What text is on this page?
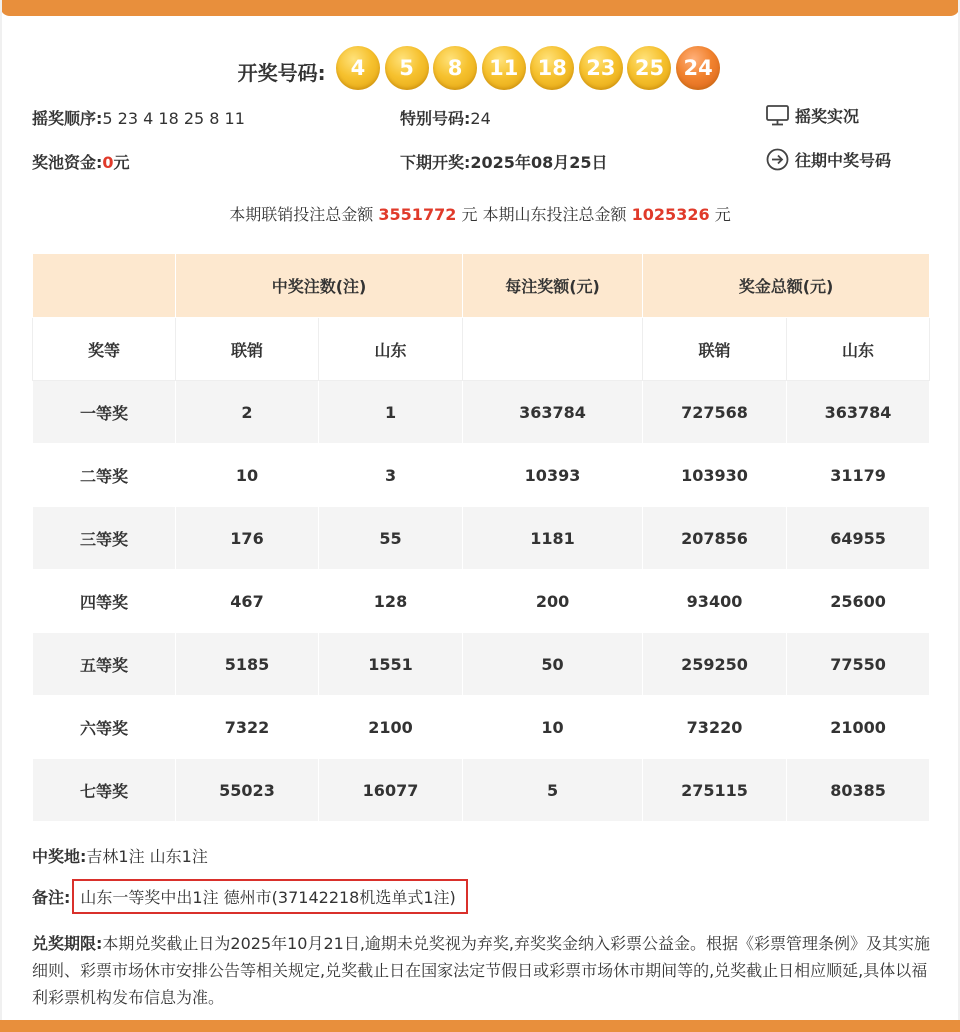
开奖号码:	4	5	8	11 18 23 25 24
摇奖顺序:5 23 4 18 25 8 11	特别号码:24	摇奖实况
奖池资金:0元	下期开奖:2025年08月25日	往期中奖号码
本期联销投注总金额 3551772 元 本期山东投注总金额 1025326 元
	中奖注数(注)		每注奖额(元)	奖金总额(元)	
奖等	联销	山东		联销	山东
一等奖	2	1	363784	727568	363784
二等奖	10	3	10393	103930	31179
三等奖	176	55	1181	207856	64955
四等奖	467	128	200	93400	25600
五等奖	5185	1551	50	259250	77550
六等奖	7322	2100	10	73220	21000
七等奖	55023	16077	5	275115	80385
中奖地:吉林1注 山东1注
备注: 山东一等奖中出1注 德州市(37142218机选单式1注)
兑奖期限:本期兑奖截止日为2025年10月21日,逾期未兑奖视为弃奖,弃奖奖金纳入彩票公益金。根据《彩票管理条例》及其实施细则、彩票市场休市安排公告等相关规定,兑奖截止日在国家法定节假日或彩票市场休市期间等的,兑奖截止日相应顺延,具体以福利彩票机构发布信息为准。
